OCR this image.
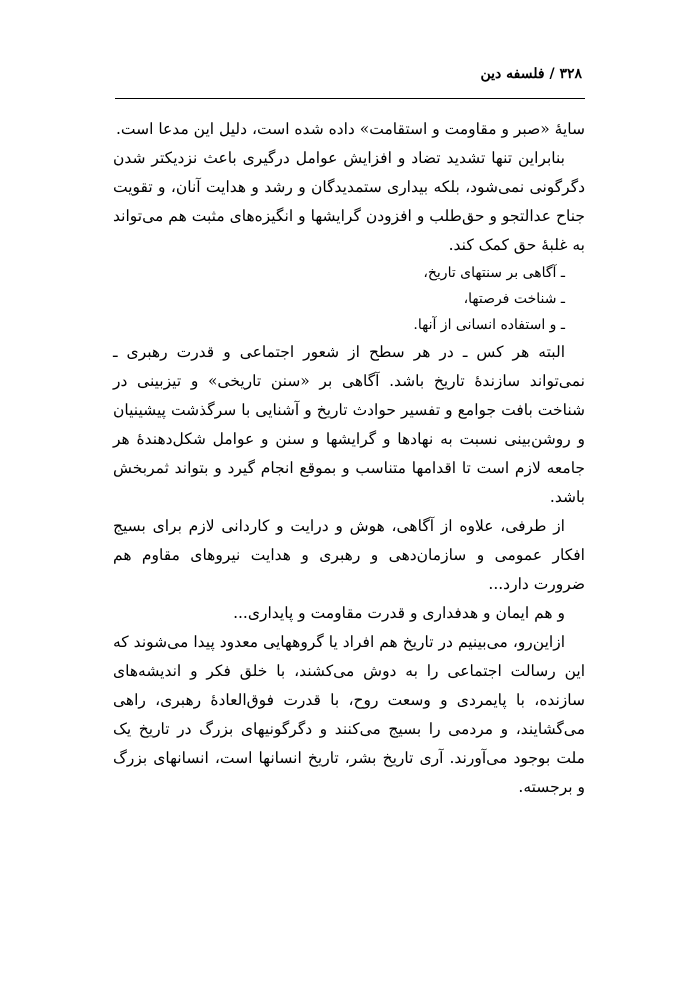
۳۲۸ / فلسفه دین

سایهٔ «صبر و مقاومت و استقامت» داده شده است، دلیل این مدعا است.

بنابراین تنها تشدید تضاد و افزایش عوامل درگیری باعث نزدیکتر شدن دگرگونی نمی‌شود، بلکه بیداری ستمدیدگان و رشد و هدایت آنان، و تقویت جناح عدالتجو و حق‌طلب و افزودن گرایشها و انگیزه‌های مثبت هم می‌تواند به غلبهٔ حق کمک کند.

ـ آگاهی بر سنتهای تاریخ،

ـ شناخت فرصتها،

ـ و استفاده انسانی از آنها.

البته هر کس ـ در هر سطح از شعور اجتماعی و قدرت رهبری ـ نمی‌تواند سازندهٔ تاریخ باشد. آگاهی بر «سنن تاریخی» و تیزبینی در شناخت بافت جوامع و تفسیر حوادث تاریخ و آشنایی با سرگذشت پیشینیان و روشن‌بینی نسبت به نهادها و گرایشها و سنن و عوامل شکل‌دهندهٔ هر جامعه لازم است تا اقدامها متناسب و بموقع انجام گیرد و بتواند ثمربخش باشد.

از طرفی، علاوه از آگاهی، هوش و درایت و کاردانی لازم برای بسیج افکار عمومی و سازمان‌دهی و رهبری و هدایت نیروهای مقاوم هم ضرورت دارد...

و هم ایمان و هدفداری و قدرت مقاومت و پایداری...

ازاین‌رو، می‌بینیم در تاریخ هم افراد یا گروههایی معدود پیدا می‌شوند که این رسالت اجتماعی را به دوش می‌کشند، با خلق فکر و اندیشه‌های سازنده، با پایمردی و وسعت روح، با قدرت فوق‌العادهٔ رهبری، راهی می‌گشایند، و مردمی را بسیج می‌کنند و دگرگونیهای بزرگ در تاریخ یک ملت بوجود می‌آورند. آری تاریخ بشر، تاریخ انسانها است، انسانهای بزرگ و برجسته.
